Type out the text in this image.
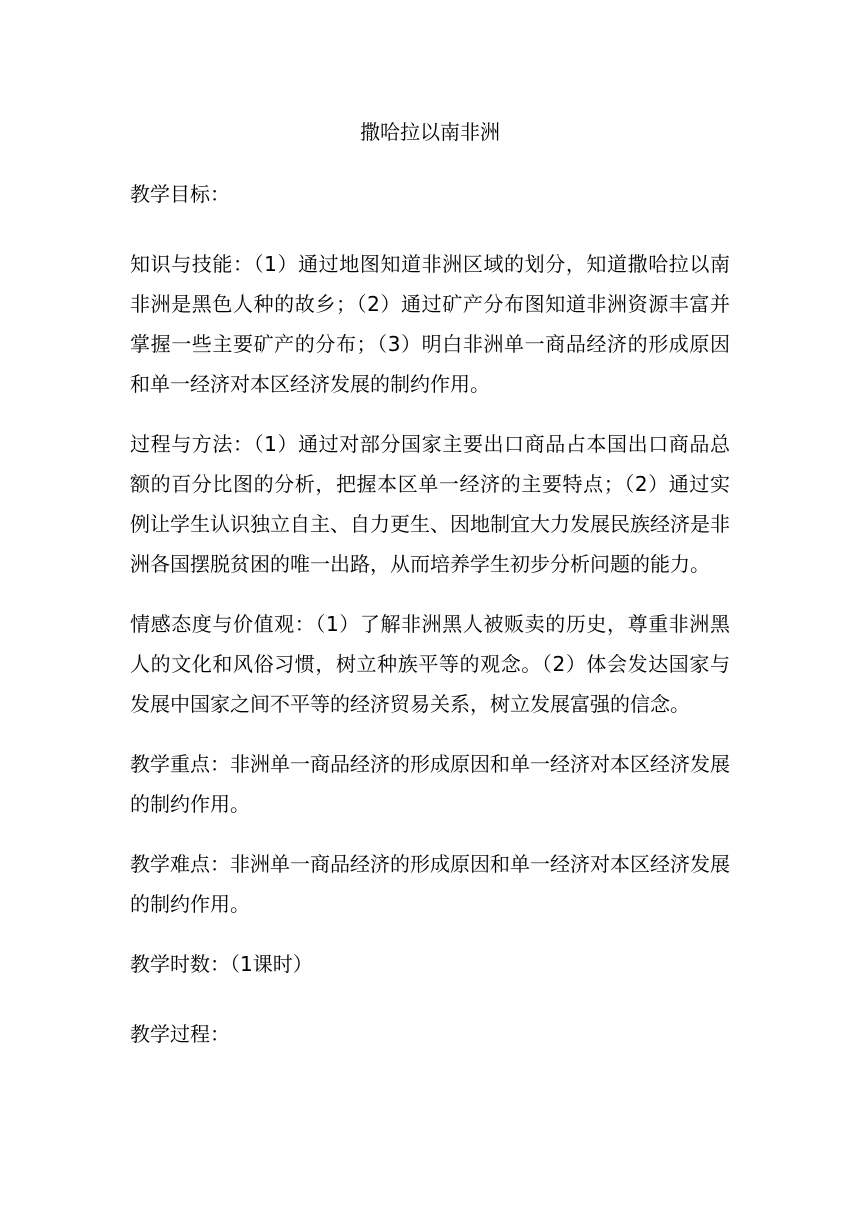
撒哈拉以南非洲

教学目标：

知识与技能：（1）通过地图知道非洲区域的划分，知道撒哈拉以南非洲是黑色人种的故乡；（2）通过矿产分布图知道非洲资源丰富并掌握一些主要矿产的分布；（3）明白非洲单一商品经济的形成原因和单一经济对本区经济发展的制约作用。

过程与方法：（1）通过对部分国家主要出口商品占本国出口商品总额的百分比图的分析，把握本区单一经济的主要特点；（2）通过实例让学生认识独立自主、自力更生、因地制宜大力发展民族经济是非洲各国摆脱贫困的唯一出路，从而培养学生初步分析问题的能力。

情感态度与价值观：（1）了解非洲黑人被贩卖的历史，尊重非洲黑人的文化和风俗习惯，树立种族平等的观念。（2）体会发达国家与发展中国家之间不平等的经济贸易关系，树立发展富强的信念。

教学重点：非洲单一商品经济的形成原因和单一经济对本区经济发展的制约作用。

教学难点：非洲单一商品经济的形成原因和单一经济对本区经济发展的制约作用。

教学时数：（1课时）

教学过程：
